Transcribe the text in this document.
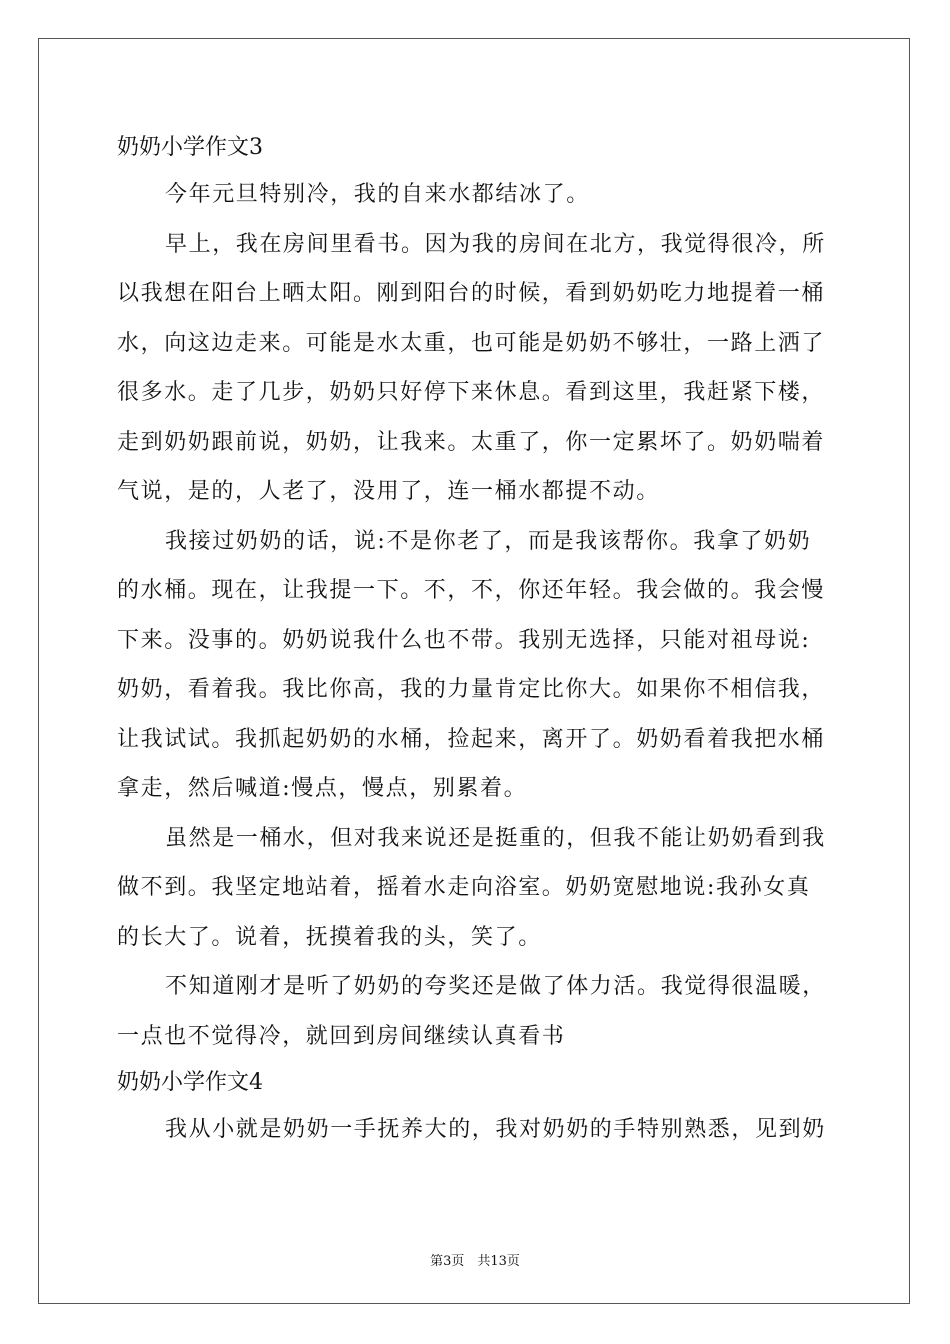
奶奶小学作文3

今年元旦特别冷，我的自来水都结冰了。

早上，我在房间里看书。因为我的房间在北方，我觉得很冷，所
以我想在阳台上晒太阳。刚到阳台的时候，看到奶奶吃力地提着一桶
水，向这边走来。可能是水太重，也可能是奶奶不够壮，一路上洒了
很多水。走了几步，奶奶只好停下来休息。看到这里，我赶紧下楼，
走到奶奶跟前说，奶奶，让我来。太重了，你一定累坏了。奶奶喘着
气说，是的，人老了，没用了，连一桶水都提不动。

我接过奶奶的话，说:不是你老了，而是我该帮你。我拿了奶奶
的水桶。现在，让我提一下。不，不，你还年轻。我会做的。我会慢
下来。没事的。奶奶说我什么也不带。我别无选择，只能对祖母说:
奶奶，看着我。我比你高，我的力量肯定比你大。如果你不相信我，
让我试试。我抓起奶奶的水桶，捡起来，离开了。奶奶看着我把水桶
拿走，然后喊道:慢点，慢点，别累着。

虽然是一桶水，但对我来说还是挺重的，但我不能让奶奶看到我
做不到。我坚定地站着，摇着水走向浴室。奶奶宽慰地说:我孙女真
的长大了。说着，抚摸着我的头，笑了。

不知道刚才是听了奶奶的夸奖还是做了体力活。我觉得很温暖，
一点也不觉得冷，就回到房间继续认真看书

奶奶小学作文4

我从小就是奶奶一手抚养大的，我对奶奶的手特别熟悉，见到奶

第3页　共13页
